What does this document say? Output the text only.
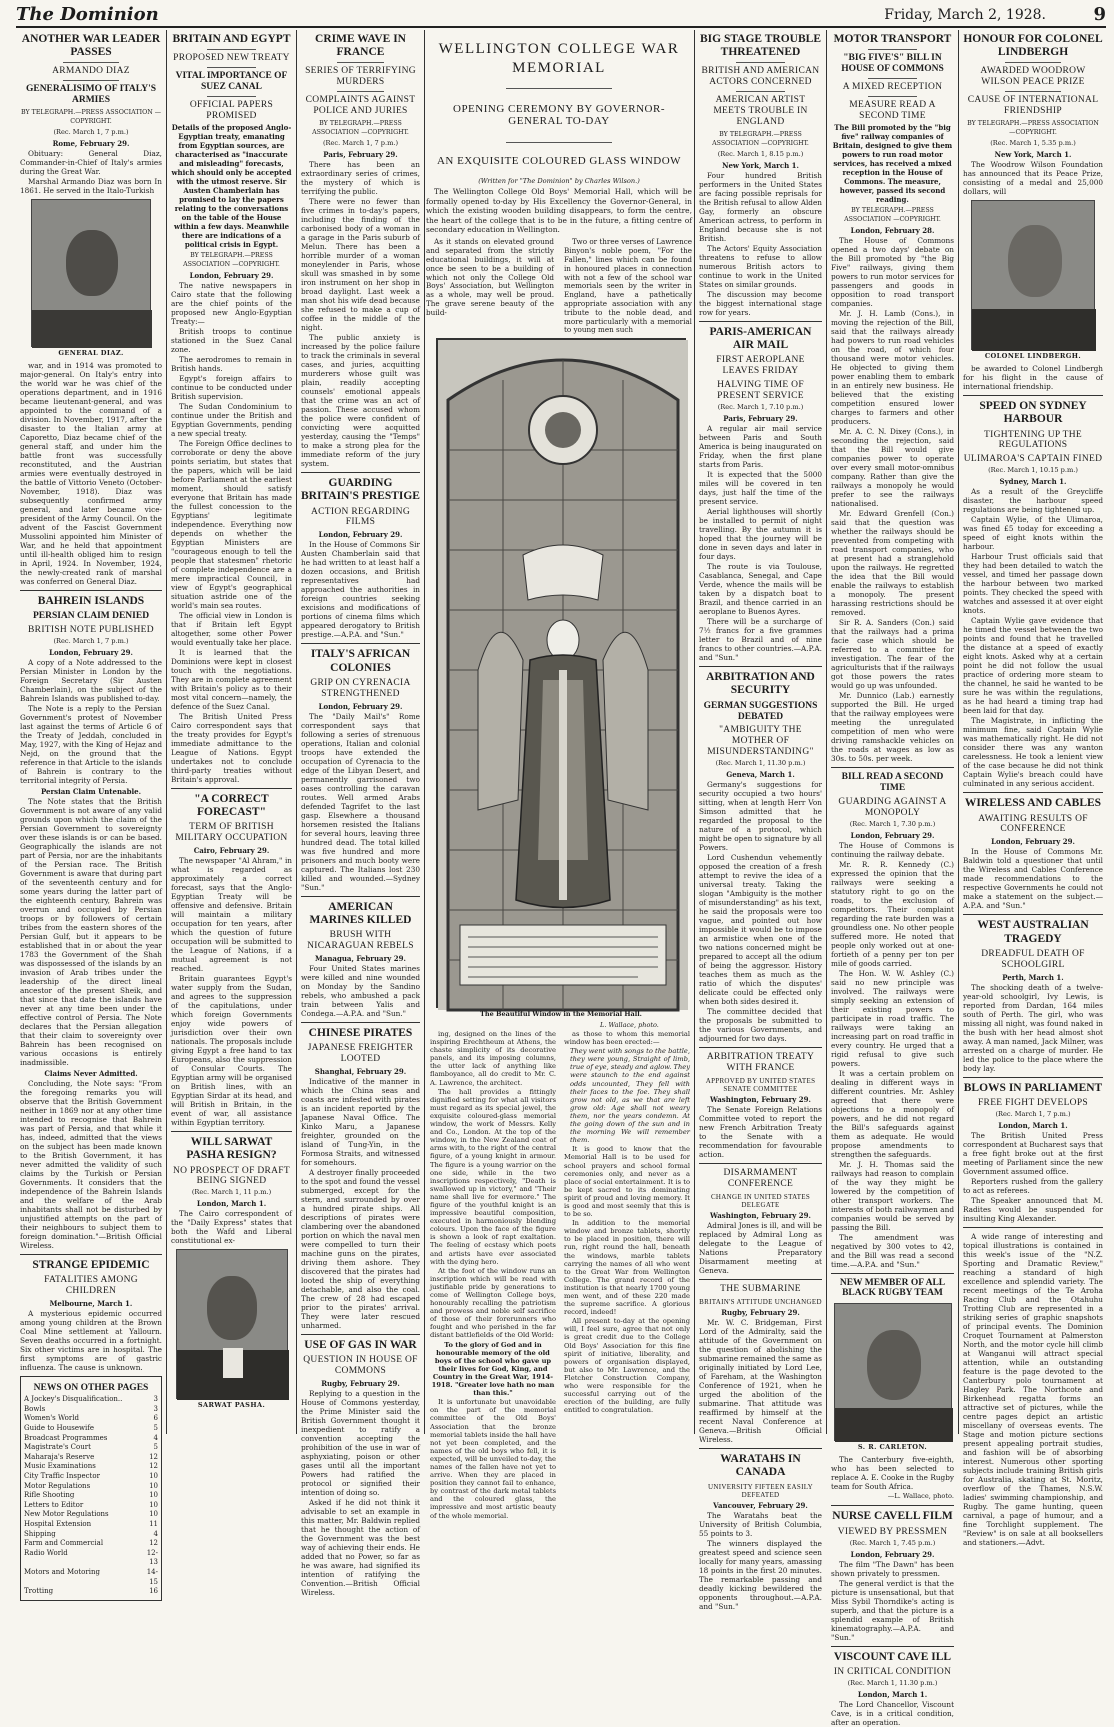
The Dominion	Friday, March 2, 1928.	9
ANOTHER WAR LEADER PASSES
ARMANDO DIAZ
GENERALISIMO OF ITALY'S ARMIES
BY TELEGRAPH.—PRESS ASSOCIATION —COPYRIGHT.
(Rec. March 1, 7 p.m.)
Rome, February 29.

Obituary: General Diaz, Commander-in-Chief of Italy's armies during the Great War.

Marshal Armando Diaz was born In 1861. He served in the Italo-Turkish

GENERAL DIAZ.

war, and in 1914 was promoted to major-general. On Italy's entry into the world war he was chief of the operations department, and in 1916 became lieutenant-general, and was appointed to the command of a division. In November, 1917, after the disaster to the Italian army at Caporetto, Diaz became chief of the general staff, and under him the battle front was successfully reconstituted, and the Austrian armies were eventually destroyed in the battle of Vittorio Veneto (October-November, 1918). Diaz was subsequently confirmed army general, and later became vice-president of the Army Council. On the advent of the Fascist Government Mussolini appointed him Minister of War, and he held that appointment until ill-health obliged him to resign in April, 1924. In November, 1924, the newly-created rank of marshal was conferred on General Diaz.

BAHREIN ISLANDS
PERSIAN CLAIM DENIED
BRITISH NOTE PUBLISHED
(Rec. March 1, 7 p.m.)
London, February 29.

A copy of a Note addressed to the Persian Minister in London by the Foreign Secretary (Sir Austen Chamberlain), on the subject of the Bahrein Islands was published to-day.

The Note is a reply to the Persian Government's protest of November last against the terms of Article 6 of the Treaty of Jeddah, concluded in May, 1927, with the King of Hejaz and Nejd, on the ground that the reference in that Article to the islands of Bahrein is contrary to the territorial integrity of Persia.

Persian Claim Untenable.

The Note states that the British Government is not aware of any valid grounds upon which the claim of the Persian Government to sovereignty over these islands is or can be based. Geographically the islands are not part of Persia, nor are the inhabitants of the Persian race. The British Government is aware that during part of the seventeenth century and for some years during the latter part of the eighteenth century, Bahrein was overrun and occupied by Persian troops or by followers of certain tribes from the eastern shores of the Persian Gulf, but it appears to be established that in or about the year 1783 the Government of the Shah was dispossessed of the islands by an invasion of Arab tribes under the leadership of the direct lineal ancestor of the present Sheik, and that since that date the islands have never at any time been under the effective control of Persia. The Note declares that the Persian allegation that their claim to sovereignty over Bahrein has been recognised on various occasions is entirely inadmissible.

Claims Never Admitted.

Concluding, the Note says: "From the foregoing remarks you will observe that the British Government neither in 1869 nor at any other time intended to recognise that Bahrein was part of Persia, and that while it has, indeed, admitted that the views on the subject has been made known to the British Government, it has never admitted the validity of such claims by the Turkish or Persian Governments. It considers that the independence of the Bahrein Islands and the welfare of the Arab inhabitants shall not be disturbed by unjustified attempts on the part of their neighbours to subject them to foreign domination."—British Official Wireless.

STRANGE EPIDEMIC
FATALITIES AMONG CHILDREN
Melbourne, March 1.

A mysterious epidemic occurred among young children at the Brown Coal Mine settlement at Yallourn. Seven deaths occurred in a fortnight. Six other victims are in hospital. The first symptoms are of gastric influenza. The cause is unknown.

NEWS ON OTHER PAGES
A Jockey's Disqualification..	3
Bowls	3
Women's World	6
Guide to Housewife	5
Broadcast Programmes	4
Magistrate's Court	5
Maharaja's Reserve	12
Music Examinations	12
City Traffic Inspector	10
Motor Regulations	10
Rifle Shooting	10
Letters to Editor	10
New Motor Regulations	10
Hospital Extension	11
Shipping	4
Farm and Commercial	12
Radio World	12-13
Motors and Motoring	14-15
Trotting	16
BRITAIN AND EGYPT
PROPOSED NEW TREATY
VITAL IMPORTANCE OF SUEZ CANAL
OFFICIAL PAPERS PROMISED

Details of the proposed Anglo-Egyptian treaty, emanating from Egyptian sources, are characterised as "inaccurate and misleading" forecasts, which should only be accepted with the utmost reserve. Sir Austen Chamberlain has promised to lay the papers relating to the conversations on the table of the House within a few days. Meanwhile there are indications of a political crisis in Egypt.

BY TELEGRAPH.—PRESS ASSOCIATION —COPYRIGHT.
London, February 29.

The native newspapers in Cairo state that the following are the chief points of the proposed new Anglo-Egyptian Treaty:—

British troops to continue stationed in the Suez Canal zone.

The aerodromes to remain in British hands.

Egypt's foreign affairs to continue to be conducted under British supervision.

The Sudan Condominium to continue under the British and Egyptian Governments, pending a new special treaty.

The Foreign Office declines to corroborate or deny the above points seriatim, but states that the papers, which will be laid before Parliament at the earliest moment, should satisfy everyone that Britain has made the fullest concession to the Egyptians' legitimate independence. Everything now depends on whether the Egyptian Ministers are "courageous enough to tell the people that statesmen" rhetoric of complete independence are a mere impractical Council, in view of Egypt's geographical situation astride one of the world's main sea routes.

The official view in London is that if Britain left Egypt altogether, some other Power would eventually take her place.

It is learned that the Dominions were kept in closest touch with the negotiations. They are in complete agreement with Britain's policy as to their most vital concern—namely, the defence of the Suez Canal.

The British United Press Cairo correspondent says that the treaty provides for Egypt's immediate admittance to the League of Nations. Egypt undertakes not to conclude third-party treaties without Britain's approval.

"A CORRECT FORECAST"
TERM OF BRITISH MILITARY OCCUPATION
Cairo, February 29.

The newspaper "Al Ahram," in what is regarded as approximately a correct forecast, says that the Anglo-Egyptian Treaty will be offensive and defensive. Britain will maintain a military occupation for ten years, after which the question of future occupation will be submitted to the League of Nations, if a mutual agreement is not reached.

Britain guarantees Egypt's water supply from the Sudan, and agrees to the suppression of the capitulations, under which foreign Governments enjoy wide powers of jurisdiction over their own nationals. The proposals include giving Egypt a free hand to tax Europeans, also the suppression of Consular Courts. The Egyptian army will be organised on British lines, with an Egyptian Sirdar at its head, and will British in Britain, in the event of war, all assistance within Egyptian territory.

WILL SARWAT PASHA RESIGN?
NO PROSPECT OF DRAFT BEING SIGNED
(Rec. March 1, 11 p.m.)
London, March 1.

The Cairo correspondent of the "Daily Express" states that both the Wafd and Liberal constitutional ex-

SARWAT PASHA.
CRIME WAVE IN FRANCE
SERIES OF TERRIFYING MURDERS
COMPLAINTS AGAINST POLICE AND JURIES
BY TELEGRAPH.—PRESS ASSOCIATION —COPYRIGHT.
(Rec. March 1, 7 p.m.)
Paris, February 29.

There has been an extraordinary series of crimes, the mystery of which is terrifying the public.

There were no fewer than five crimes in to-day's papers, including the finding of the carbonised body of a woman in a garage in the Paris suburb of Melun. There has been a horrible murder of a woman moneylender in Paris, whose skull was smashed in by some iron instrument on her shop in broad daylight. Last week a man shot his wife dead because she refused to make a cup of coffee in the middle of the night.

The public anxiety is increased by the police failure to track the criminals in several cases, and juries, acquitting murderers whose guilt was plain, readily accepting counsels' emotional appeals that the crime was an act of passion. These accused whom the police were confident of convicting were acquitted yesterday, causing the "Temps" to make a strong plea for the immediate reform of the jury system.

GUARDING BRITAIN'S PRESTIGE
ACTION REGARDING FILMS
London, February 29.

In the House of Commons Sir Austen Chamberlain said that he had written to at least half a dozen occasions, and British representatives had approached the authorities in foreign countries seeking excisions and modifications of portions of cinema films which appeared derogatory to British prestige.—A.P.A. and "Sun."

ITALY'S AFRICAN COLONIES
GRIP ON CYRENACIA STRENGTHENED
London, February 29.

The "Daily Mail's" Rome correspondent says that following a series of strenuous operations, Italian and colonial troops have extended the occupation of Cyrenacia to the edge of the Libyan Desert, and permanently garrisoned two oases controlling the caravan routes. Well armed Arabs defended Tagrifet to the last gasp. Elsewhere a thousand horsemen resisted the Italians for several hours, leaving three hundred dead. The total killed was five hundred and more prisoners and much booty were captured. The Italians lost 230 killed and wounded.—Sydney "Sun."

AMERICAN MARINES KILLED
BRUSH WITH NICARAGUAN REBELS
Managua, February 29.

Four United States marines were killed and nine wounded on Monday by the Sandino rebels, who ambushed a pack train between Yalis and Condega.—A.P.A. and "Sun."

CHINESE PIRATES
JAPANESE FREIGHTER LOOTED
Shanghai, February 29.

Indicative of the manner in which the China seas and coasts are infested with pirates is an incident reported by the Japanese Naval Office. The Kinko Maru, a Japanese freighter, grounded on the island of Tung-Yin, in the Formosa Straits, and witnessed for somehours.

A destroyer finally proceeded to the spot and found the vessel submerged, except for the stern, and surrounded by over a hundred pirate ships. All descriptions of pirates were clambering over the abandoned portion on which the naval men were compelled to turn their machine guns on the pirates, driving them ashore. They discovered that the pirates had looted the ship of everything detachable, and also the coal. The crew of 28 had escaped prior to the pirates' arrival. They were later rescued unharmed.

USE OF GAS IN WAR
QUESTION IN HOUSE OF COMMONS
Rugby, February 29.

Replying to a question in the House of Commons yesterday, the Prime Minister said the British Government thought it inexpedient to ratify a convention accepting the prohibition of the use in war of asphyxiating, poison or other gases until all the important Powers had ratified the protocol or signified their intention of doing so.

Asked if he did not think it advisable to set an example in this matter, Mr. Baldwin replied that he thought the action of the Government was the best way of achieving their ends. He added that no Power, so far as he was aware, had signified its intention of ratifying the Convention.—British Official Wireless.

WELLINGTON COLLEGE WAR MEMORIAL
OPENING CEREMONY BY GOVERNOR-GENERAL TO-DAY
AN EXQUISITE COLOURED GLASS WINDOW
(Written for "The Dominion" by Charles Wilson.)

The Wellington College Old Boys' Memorial Hall, which will be formally opened to-day by His Excellency the Governor-General, in which the existing wooden building disappears, to form the centre, the heart of the college that is to be in the future, a fitting centre of secondary education in Wellington.

As it stands on elevated ground and separated from the strictly educational buildings, it will at once be seen to be a building of which not only the College Old Boys' Association, but Wellington as a whole, may well be proud. The grave serene beauty of the build-

Two or three verses of Lawrence Binyon's noble poem, "For the Fallen," lines which can be found in honoured places in connection with not a few of the school war memorials seen by the writer in England, have a pathetically appropriate association with any tribute to the noble dead, and more particularly with a memorial to young men such

The Beautiful Window in the Memorial Hall.
L. Wallace, photo.

ing, designed on the lines of the inspiring Erechtheum at Athens, the chaste simplicity of its decorative panels, and its imposing columns, the utter lack of anything like flamboyance, all do credit to Mr. C. A. Lawrence, the architect.

The hall provides a fittingly dignified setting for what all visitors must regard as its special jewel, the exquisite coloured-glass memorial window, the work of Messrs. Kelly and Co., London. At the top of the window, in the New Zealand coat of arms with, to the right of the central figure, of a young knight in armour. The figure is a young warrior on the one side, while in the two inscriptions respectively, "Death is swallowed up in victory," and "Their name shall live for evermore." The figure of the youthful knight is an impressive beautiful composition, executed in harmoniously blending colours. Upon the face of the figure is shown a look of rapt exaltation. The feeling of ecstasy which poets and artists have ever associated with the dying hero.

At the foot of the window runs an inscription which will be read with justifiable pride by generations to come of Wellington College boys, honourably recalling the patriotism and prowess and noble self sacrifice of those of their forerunners who fought and who perished in the far distant battlefields of the Old World:

To the glory of God and in honourable memory of the old boys of the school who gave up their lives for God, King, and Country in the Great War, 1914-1918. "Greater love hath no man than this."

It is unfortunate but unavoidable on the part of the memorial committee of the Old Boys' Association that the bronze memorial tablets inside the hall have not yet been completed, and the names of the old boys who fell, it is expected, will be unveiled to-day, the names of the fallen have not yet to arrive. When they are placed in position they cannot fail to enhance, by contrast of the dark metal tablets and the coloured glass, the impressive and most artistic beauty of the whole memorial.

as those to whom this memorial window has been erected:—

They went with songs to the battle, they were young, Straight of limb, true of eye, steady and aglow. They were staunch to the end against odds uncounted, They fell with their faces to the foe. They shall grow not old, as we that are left grow old: Age shall not weary them, nor the years condemn. At the going down of the sun and in the morning We will remember them.

It is good to know that the Memorial Hall is to be used for school prayers and school formal ceremonies only, and never as a place of social entertainment. It is to be kept sacred to its dominating spirit of proud and loving memory. It is good and most seemly that this is to be so.

In addition to the memorial window and bronze tablets, shortly to be placed in position, there will run, right round the hall, beneath the windows, marble tablets carrying the names of all who went to the Great War from Wellington College. The grand record of the institution is that nearly 1700 young men went, and of these 220 made the supreme sacrifice. A glorious record, indeed!

All present to-day at the opening will, I feel sure, agree that not only is great credit due to the College Old Boys' Association for this fine spirit of initiative, liberality, and powers of organisation displayed, but also to Mr. Lawrence, and the Fletcher Construction Company, who were responsible for the successful carrying out of the erection of the building, are fully entitled to congratulation.

BIG STAGE TROUBLE THREATENED
BRITISH AND AMERICAN ACTORS CONCERNED
AMERICAN ARTIST MEETS TROUBLE IN ENGLAND
BY TELEGRAPH.—PRESS ASSOCIATION —COPYRIGHT.
(Rec. March 1, 8.15 p.m.)
New York, March 1.

Four hundred British performers in the United States are facing possible reprisals for the British refusal to allow Alden Gay, formerly an obscure American actress, to perform in England because she is not British.

The Actors' Equity Association threatens to refuse to allow numerous British actors to continue to work in the United States on similar grounds.

The discussion may become the biggest international stage row for years.

PARIS-AMERICAN AIR MAIL
FIRST AEROPLANE LEAVES FRIDAY
HALVING TIME OF PRESENT SERVICE
(Rec. March 1, 7.10 p.m.)
Paris, February 29.

A regular air mail service between Paris and South America is being inaugurated on Friday, when the first plane starts from Paris.

It is expected that the 5000 miles will be covered in ten days, just half the time of the present service.

Aerial lighthouses will shortly be installed to permit of night travelling. By the autumn it is hoped that the journey will be done in seven days and later in four days.

The route is via Toulouse, Casablanca, Senegal, and Cape Verde, whence the mails will be taken by a dispatch boat to Brazil, and thence carried in an aeroplane to Buenos Ayres.

There will be a surcharge of 7½ francs for a five grammes letter to Brazil and of nine francs to other countries.—A.P.A. and "Sun."

ARBITRATION AND SECURITY
GERMAN SUGGESTIONS DEBATED
"AMBIGUITY THE MOTHER OF MISUNDERSTANDING"
(Rec. March 1, 11.30 p.m.)
Geneva, March 1.

Germany's suggestions for security occupied a two hours' sitting, when at length Herr Von Simson admitted that he regarded the proposal to the nature of a protocol, which might be open to signature by all Powers.

Lord Cushendun vehemently opposed the creation of a fresh attempt to revive the idea of a universal treaty. Taking the slogan "Ambiguity is the mother of misunderstanding" as his text, he said the proposals were too vague, and pointed out how impossible it would be to impose an armistice when one of the two nations concerned might be prepared to accept all the odium of being the aggressor. History teaches them as much as the ratio of which the disputes' delicate could be effected only when both sides desired it.

The committee decided that the proposals be submitted to the various Governments, and adjourned for two days.

ARBITRATION TREATY WITH FRANCE
APPROVED BY UNITED STATES SENATE COMMITTEE
Washington, February 29.

The Senate Foreign Relations Committee voted to report the new French Arbitration Treaty to the Senate with a recommendation for favourable action.

DISARMAMENT CONFERENCE
CHANGE IN UNITED STATES DELEGATE
Washington, February 29.

Admiral Jones is ill, and will be replaced by Admiral Long as delegate to the League of Nations Preparatory Disarmament meeting at Geneva.

THE SUBMARINE
BRITAIN'S ATTITUDE UNCHANGED
Rugby, February 29.

Mr. W. C. Bridgeman, First Lord of the Admiralty, said the attitude of the Government on the question of abolishing the submarine remained the same as originally initiated by Lord Lee, of Fareham, at the Washington Conference of 1921, when he urged the abolition of the submarine. That attitude was reaffirmed by himself at the recent Naval Conference at Geneva.—British Official Wireless.

WARATAHS IN CANADA
UNIVERSITY FIFTEEN EASILY DEFEATED
Vancouver, February 29.

The Waratahs beat the University of British Columbia, 55 points to 3.

The winners displayed the greatest speed and science seen locally for many years, amassing 18 points in the first 20 minutes. The remarkable passing and deadly kicking bewildered the opponents throughout.—A.P.A. and "Sun."

MOTOR TRANSPORT
"BIG FIVE'S" BILL IN HOUSE OF COMMONS
A MIXED RECEPTION
MEASURE READ A SECOND TIME

The Bill promoted by the "big five" railway companies of Britain, designed to give them powers to run road motor services, has received a mixed reception in the House of Commons. The measure, however, passed its second reading.

BY TELEGRAPH.—PRESS ASSOCIATION —COPYRIGHT.
London, February 28.

The House of Commons opened a two days' debate on the Bill promoted by "the Big Five" railways, giving them powers to run motor services for passengers and goods in opposition to road transport companies.

Mr. J. H. Lamb (Cons.), in moving the rejection of the Bill, said that the railways already had powers to run road vehicles on the road, of which four thousand were motor vehicles. He objected to giving them power enabling them to embark in an entirely new business. He believed that the existing competition ensured lower charges to farmers and other producers.

Mr. A. C. N. Dixey (Cons.), in seconding the rejection, said that the Bill would give companies power to operate over every small motor-omnibus company. Rather than give the railways a monopoly he would prefer to see the railways nationalised.

Mr. Edward Grenfell (Con.) said that the question was whether the railways should be prevented from competing with road transport companies, who at present had a stranglehold upon the railways. He regretted the idea that the Bill would enable the railways to establish a monopoly. The present harassing restrictions should be removed.

Sir R. A. Sanders (Con.) said that the railways had a prima facie case which should be referred to a committee for investigation. The fear of the agriculturists that if the railways got those powers the rates would go up was unfounded.

Mr. Dunnico (Lab.) earnestly supported the Bill. He urged that the railway employees were meeting the unregulated competition of men who were driving ramshackle vehicles on the roads at wages as low as 30s. to 50s. per week.

BILL READ A SECOND TIME
GUARDING AGAINST A MONOPOLY
(Rec. March 1, 7.30 p.m.)
London, February 29.

The House of Commons is continuing the railway debate.

Mr. R. R. Kennedy (C.) expressed the opinion that the railways were seeking a statutory right to go on the roads, to the exclusion of competitors. Their complaint regarding the rate burden was a groundless one. No other people suffered more. He noted that people only worked out at one-fortieth of a penny per ton per mile of goods carried.

The Hon. W. W. Ashley (C.) said no new principle was involved. The railways were simply seeking an extension of their existing powers to participate in road traffic. The railways were taking an increasing part on road traffic in every country. He urged that a rigid refusal to give such powers.

It was a certain problem on dealing in different ways in different countries. Mr. Ashley agreed that there were objections to a monopoly of powers, and he did not regard the Bill's safeguards against them as adequate. He would propose amendments to strengthen the safeguards.

Mr. J. H. Thomas said the railways had reason to complain of the way they might be lowered by the competition of other transport workers. The interests of both railwaymen and companies would be served by passing the Bill.

The amendment was negatived by 300 votes to 42, and the Bill was read a second time.—A.P.A. and "Sun."

NEW MEMBER OF ALL BLACK RUGBY TEAM
S. R. CARLETON.

The Canterbury five-eighth, who has been selected to replace A. E. Cooke in the Rugby team for South Africa.

—L. Wallace, photo.
NURSE CAVELL FILM
VIEWED BY PRESSMEN
(Rec. March 1, 7.45 p.m.)
London, February 29.

The film "The Dawn" has been shown privately to pressmen.

The general verdict is that the picture is unsensational, but that Miss Sybil Thorndike's acting is superb, and that the picture is a splendid example of British kinematography.—A.P.A. and "Sun."

VISCOUNT CAVE ILL
IN CRITICAL CONDITION
(Rec. March 1, 11.30 p.m.)
London, March 1.

The Lord Chancellor, Viscount Cave, is in a critical condition, after an operation.

HONOUR FOR COLONEL LINDBERGH
AWARDED WOODROW WILSON PEACE PRIZE
CAUSE OF INTERNATIONAL FRIENDSHIP
BY TELEGRAPH.—PRESS ASSOCIATION —COPYRIGHT.
(Rec. March 1, 5.35 p.m.)
New York, March 1.

The Woodrow Wilson Foundation has announced that its Peace Prize, consisting of a medal and 25,000 dollars, will

COLONEL LINDBERGH.

be awarded to Colonel Lindbergh for his flight in the cause of international friendship.

SPEED ON SYDNEY HARBOUR
TIGHTENING UP THE REGULATIONS
ULIMAROA'S CAPTAIN FINED
(Rec. March 1, 10.15 p.m.)
Sydney, March 1.

As a result of the Greycliffe disaster, the harbour speed regulations are being tightened up.

Captain Wylie, of the Ulimaroa, was fined £5 today for exceeding a speed of eight knots within the harbour.

Harbour Trust officials said that they had been detailed to watch the vessel, and timed her passage down the harbour between two marked points. They checked the speed with watches and assessed it at over eight knots.

Captain Wylie gave evidence that he timed the vessel between the two points and found that he travelled the distance at a speed of exactly eight knots. Asked why at a certain point he did not follow the usual practice of ordering more steam to the channel, he said he wanted to be sure he was within the regulations, as he had heard a timing trap had been laid for that day.

The Magistrate, in inflicting the minimum fine, said Captain Wylie was mathematically right. He did not consider there was any wanton carelessness. He took a lenient view of the case because he did not think Captain Wylie's breach could have culminated in any serious accident.

WIRELESS AND CABLES
AWAITING RESULTS OF CONFERENCE
London, February 29.

In the House of Commons Mr. Baldwin told a questioner that until the Wireless and Cables Conference made recommendations to the respective Governments he could not make a statement on the subject.—A.P.A. and "Sun."

WEST AUSTRALIAN TRAGEDY
DREADFUL DEATH OF SCHOOLGIRL
Perth, March 1.

The shocking death of a twelve-year-old schoolgirl, Ivy Lewis, is reported from Dardan, 164 miles south of Perth. The girl, who was missing all night, was found naked in the bush with her head almost shot away. A man named, Jack Milner, was arrested on a charge of murder. He led the police to the place where the body lay.

BLOWS IN PARLIAMENT
FREE FIGHT DEVELOPS
(Rec. March 1, 7 p.m.)
London, March 1.

The British United Press correspondent at Bucharest says that a free fight broke out at the first meeting of Parliament since the new Government assumed office.

Reporters rushed from the gallery to act as referees.

The Speaker announced that M. Radites would be suspended for insulting King Alexander.

A wide range of interesting and topical illustrations is contained in this week's issue of the "N.Z. Sporting and Dramatic Review," reaching a standard of high excellence and splendid variety. The recent meetings of the Te Aroha Racing Club and the Otahuhu Trotting Club are represented in a striking series of graphic snapshots of principal events. The Dominion Croquet Tournament at Palmerston North, and the motor cycle hill climb at Wanganui will attract special attention, while an outstanding feature is the page devoted to the Canterbury polo tournament at Hagley Park. The Northcote and Birkenhead regatta forms an attractive set of pictures, while the centre pages depict an artistic miscellany of overseas events. The Stage and motion picture sections present appealing portrait studies, and fashion will be of absorbing interest. Numerous other sporting subjects include training British girls for Australia, skating at St. Moritz, overflow of the Thames, N.S.W. ladies' swimming championship, and Rugby. The game hunting, queen carnival, a page of humour, and a fine Torchlight supplement. The "Review" is on sale at all booksellers and stationers.—Advt.
